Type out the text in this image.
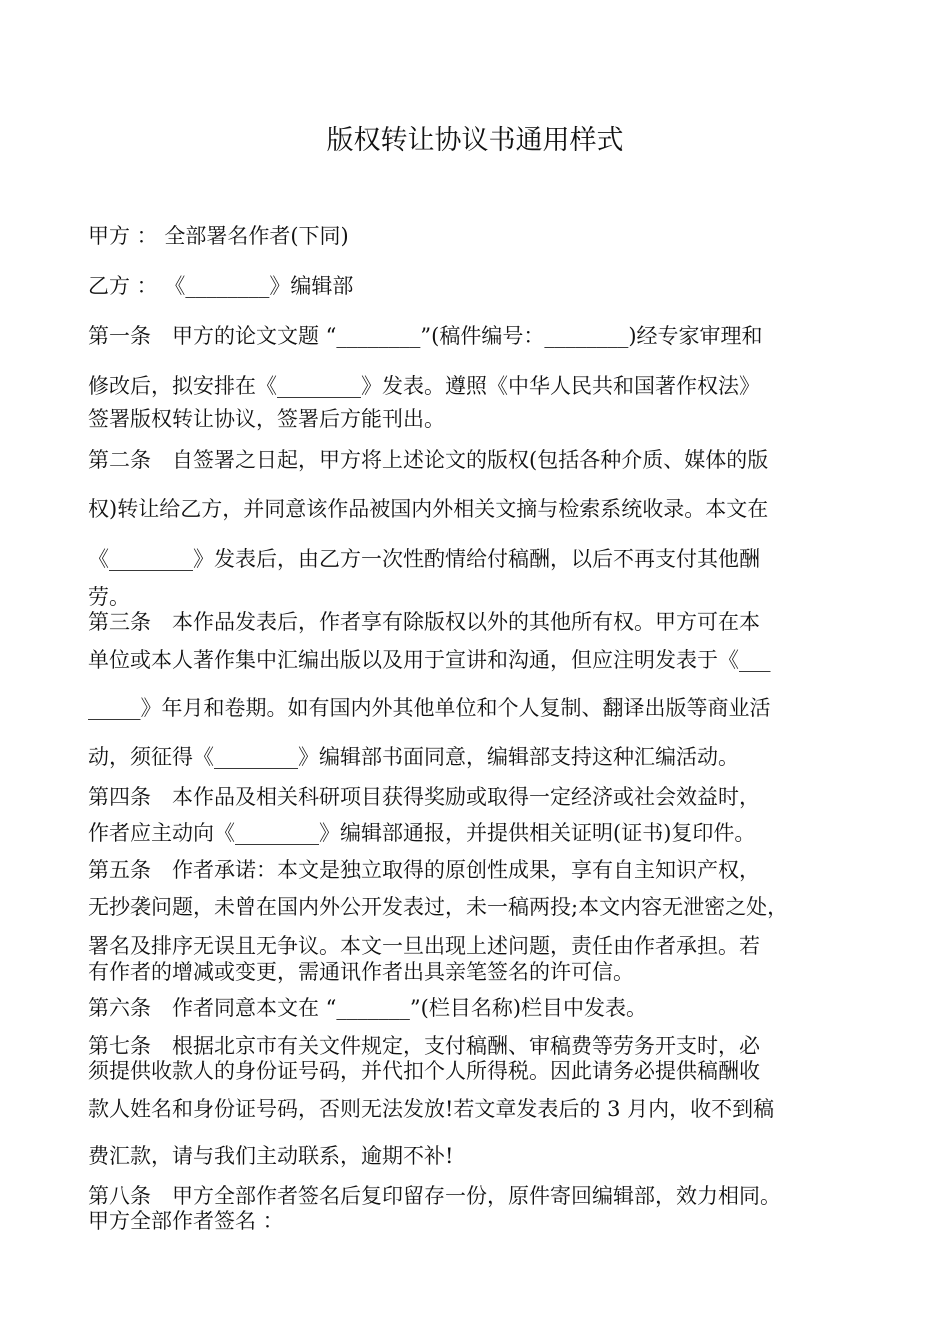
版权转让协议书通用样式
甲方 ： 全部署名作者(下同)
乙方 ： 《________》编辑部
第一条　甲方的论文文题 “________”(稿件编号：________)经专家审理和
修改后，拟安排在《________》发表。遵照《中华人民共和国著作权法》
签署版权转让协议，签署后方能刊出。
第二条　自签署之日起，甲方将上述论文的版权(包括各种介质、媒体的版
权)转让给乙方，并同意该作品被国内外相关文摘与检索系统收录。本文在
《________》发表后，由乙方一次性酌情给付稿酬，以后不再支付其他酬
劳。
第三条　本作品发表后，作者享有除版权以外的其他所有权。甲方可在本
单位或本人著作集中汇编出版以及用于宣讲和沟通，但应注明发表于《___
_____》年月和卷期。如有国内外其他单位和个人复制、翻译出版等商业活
动，须征得《________》编辑部书面同意，编辑部支持这种汇编活动。
第四条　本作品及相关科研项目获得奖励或取得一定经济或社会效益时，
作者应主动向《________》编辑部通报，并提供相关证明(证书)复印件。
第五条　作者承诺：本文是独立取得的原创性成果，享有自主知识产权，
无抄袭问题，未曾在国内外公开发表过，未一稿两投;本文内容无泄密之处，
署名及排序无误且无争议。本文一旦出现上述问题，责任由作者承担。若
有作者的增减或变更，需通讯作者出具亲笔签名的许可信。
第六条　作者同意本文在 “_______”(栏目名称)栏目中发表。
第七条　根据北京市有关文件规定，支付稿酬、审稿费等劳务开支时，必
须提供收款人的身份证号码，并代扣个人所得税。因此请务必提供稿酬收
款人姓名和身份证号码，否则无法发放!若文章发表后的 3 月内，收不到稿
费汇款，请与我们主动联系，逾期不补!
第八条　甲方全部作者签名后复印留存一份，原件寄回编辑部，效力相同。
甲方全部作者签名 ：
